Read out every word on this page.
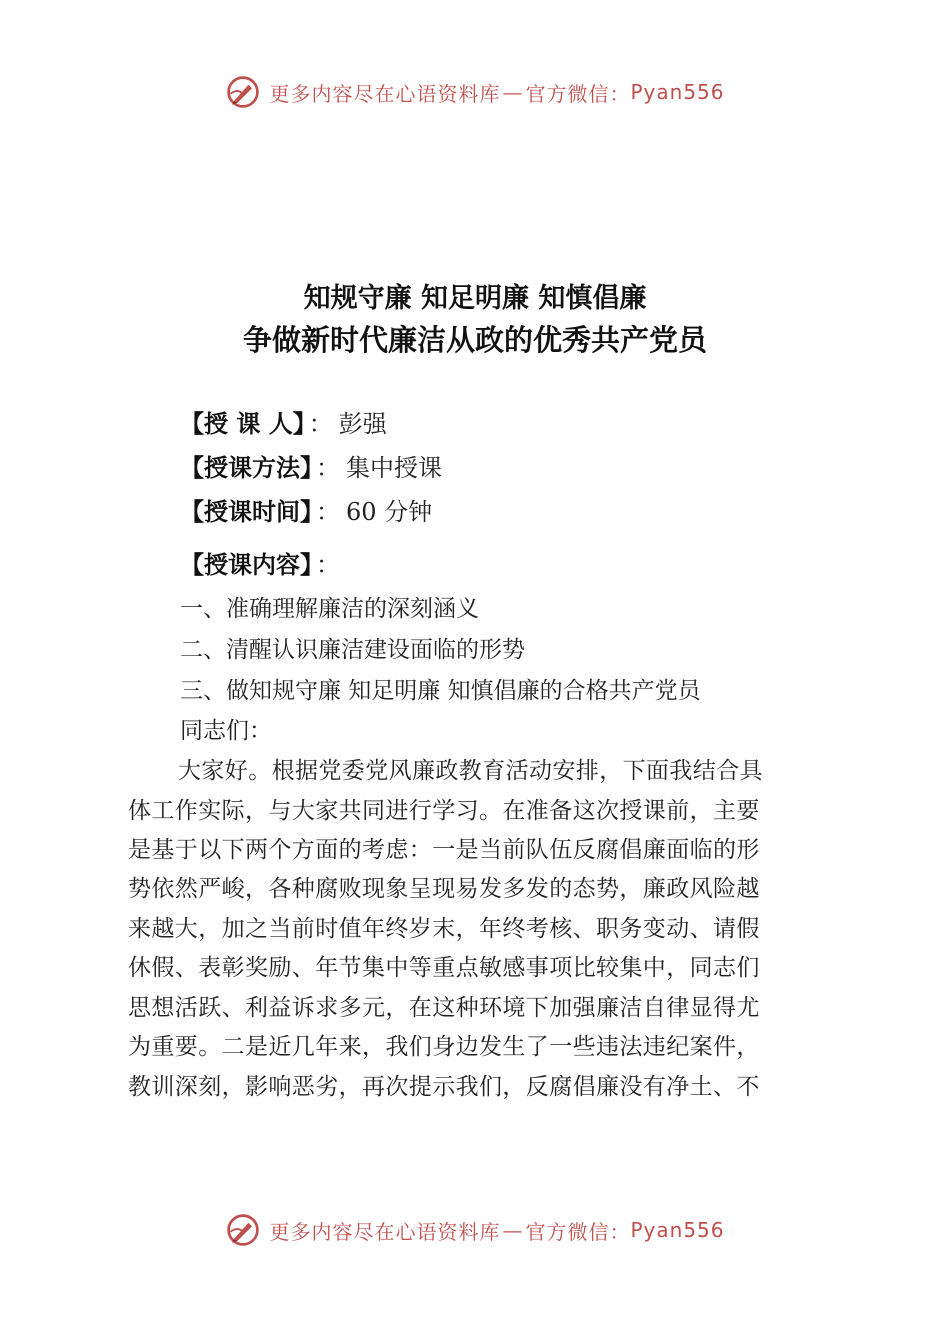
更多内容尽在心语资料库 — 官方微信： Pyan556
知规守廉 知足明廉 知慎倡廉
争做新时代廉洁从政的优秀共产党员
【授 课 人】 ： 彭强
【授课方法】 ： 集中授课
【授课时间】 ： 60 分钟
【授课内容】 ：
一、准确理解廉洁的深刻涵义
二、清醒认识廉洁建设面临的形势
三、做知规守廉 知足明廉 知慎倡廉的合格共产党员
同志们：
大家好。根据党委党风廉政教育活动安排，下面我结合具
体工作实际，与大家共同进行学习。在准备这次授课前，主要
是基于以下两个方面的考虑：一是当前队伍反腐倡廉面临的形
势依然严峻，各种腐败现象呈现易发多发的态势，廉政风险越
来越大，加之当前时值年终岁末，年终考核、职务变动、请假
休假、表彰奖励、年节集中等重点敏感事项比较集中，同志们
思想活跃、利益诉求多元，在这种环境下加强廉洁自律显得尤
为重要。二是近几年来，我们身边发生了一些违法违纪案件，
教训深刻，影响恶劣，再次提示我们，反腐倡廉没有净土、不
更多内容尽在心语资料库 — 官方微信： Pyan556
